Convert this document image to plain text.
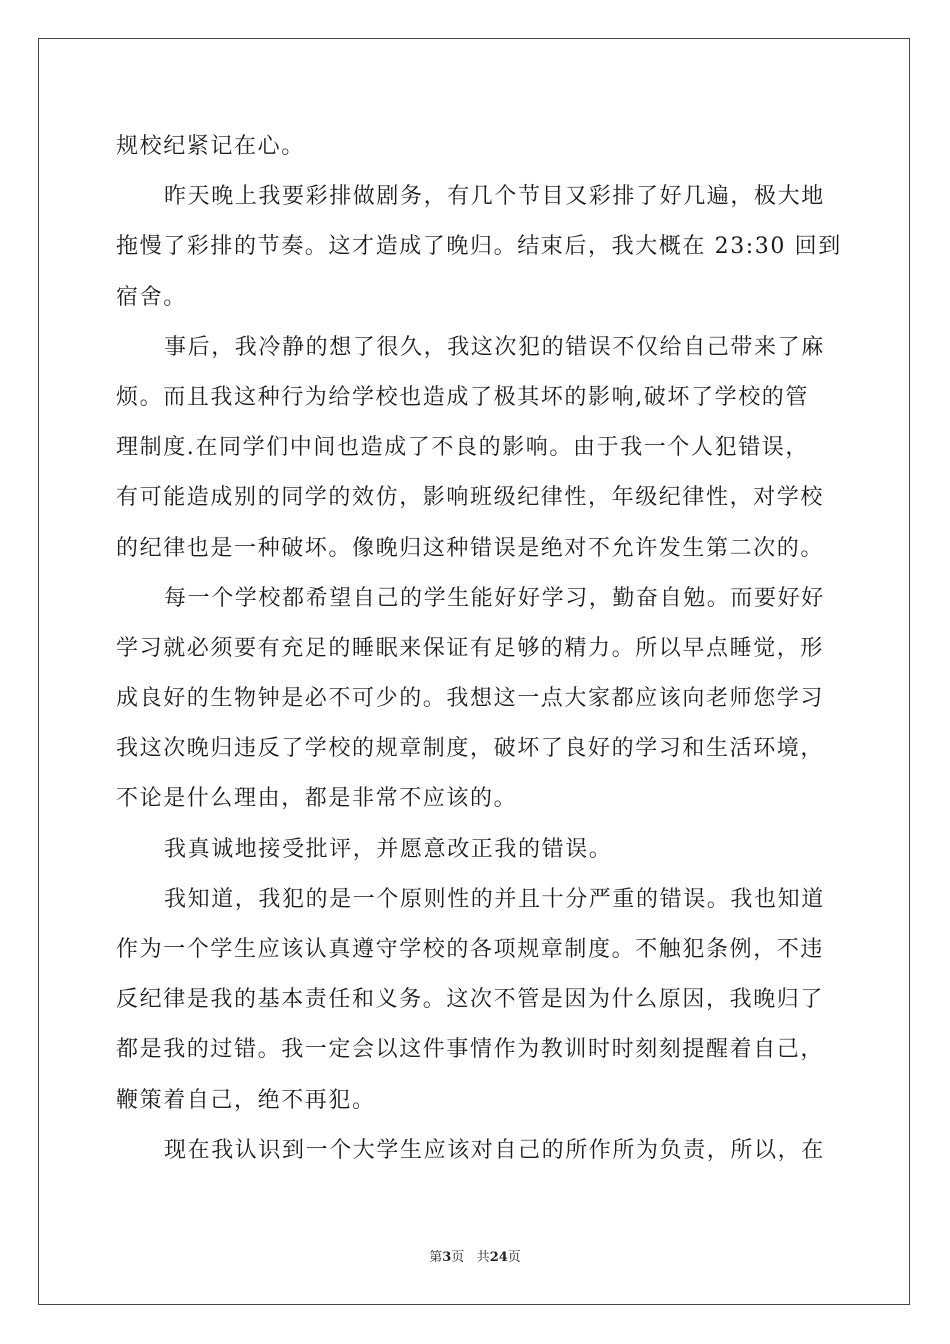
规校纪紧记在心。
昨天晚上我要彩排做剧务，有几个节目又彩排了好几遍，极大地
拖慢了彩排的节奏。这才造成了晚归。结束后，我大概在 23:30 回到
宿舍。
事后，我冷静的想了很久，我这次犯的错误不仅给自己带来了麻
烦。而且我这种行为给学校也造成了极其坏的影响,破坏了学校的管
理制度.在同学们中间也造成了不良的影响。由于我一个人犯错误，
有可能造成别的同学的效仿，影响班级纪律性，年级纪律性，对学校
的纪律也是一种破坏。像晚归这种错误是绝对不允许发生第二次的。
每一个学校都希望自己的学生能好好学习，勤奋自勉。而要好好
学习就必须要有充足的睡眠来保证有足够的精力。所以早点睡觉，形
成良好的生物钟是必不可少的。我想这一点大家都应该向老师您学习
我这次晚归违反了学校的规章制度，破坏了良好的学习和生活环境，
不论是什么理由，都是非常不应该的。
我真诚地接受批评，并愿意改正我的错误。
我知道，我犯的是一个原则性的并且十分严重的错误。我也知道
作为一个学生应该认真遵守学校的各项规章制度。不触犯条例，不违
反纪律是我的基本责任和义务。这次不管是因为什么原因，我晚归了
都是我的过错。我一定会以这件事情作为教训时时刻刻提醒着自己，
鞭策着自己，绝不再犯。
现在我认识到一个大学生应该对自己的所作所为负责，所以，在
第3页 共24页
